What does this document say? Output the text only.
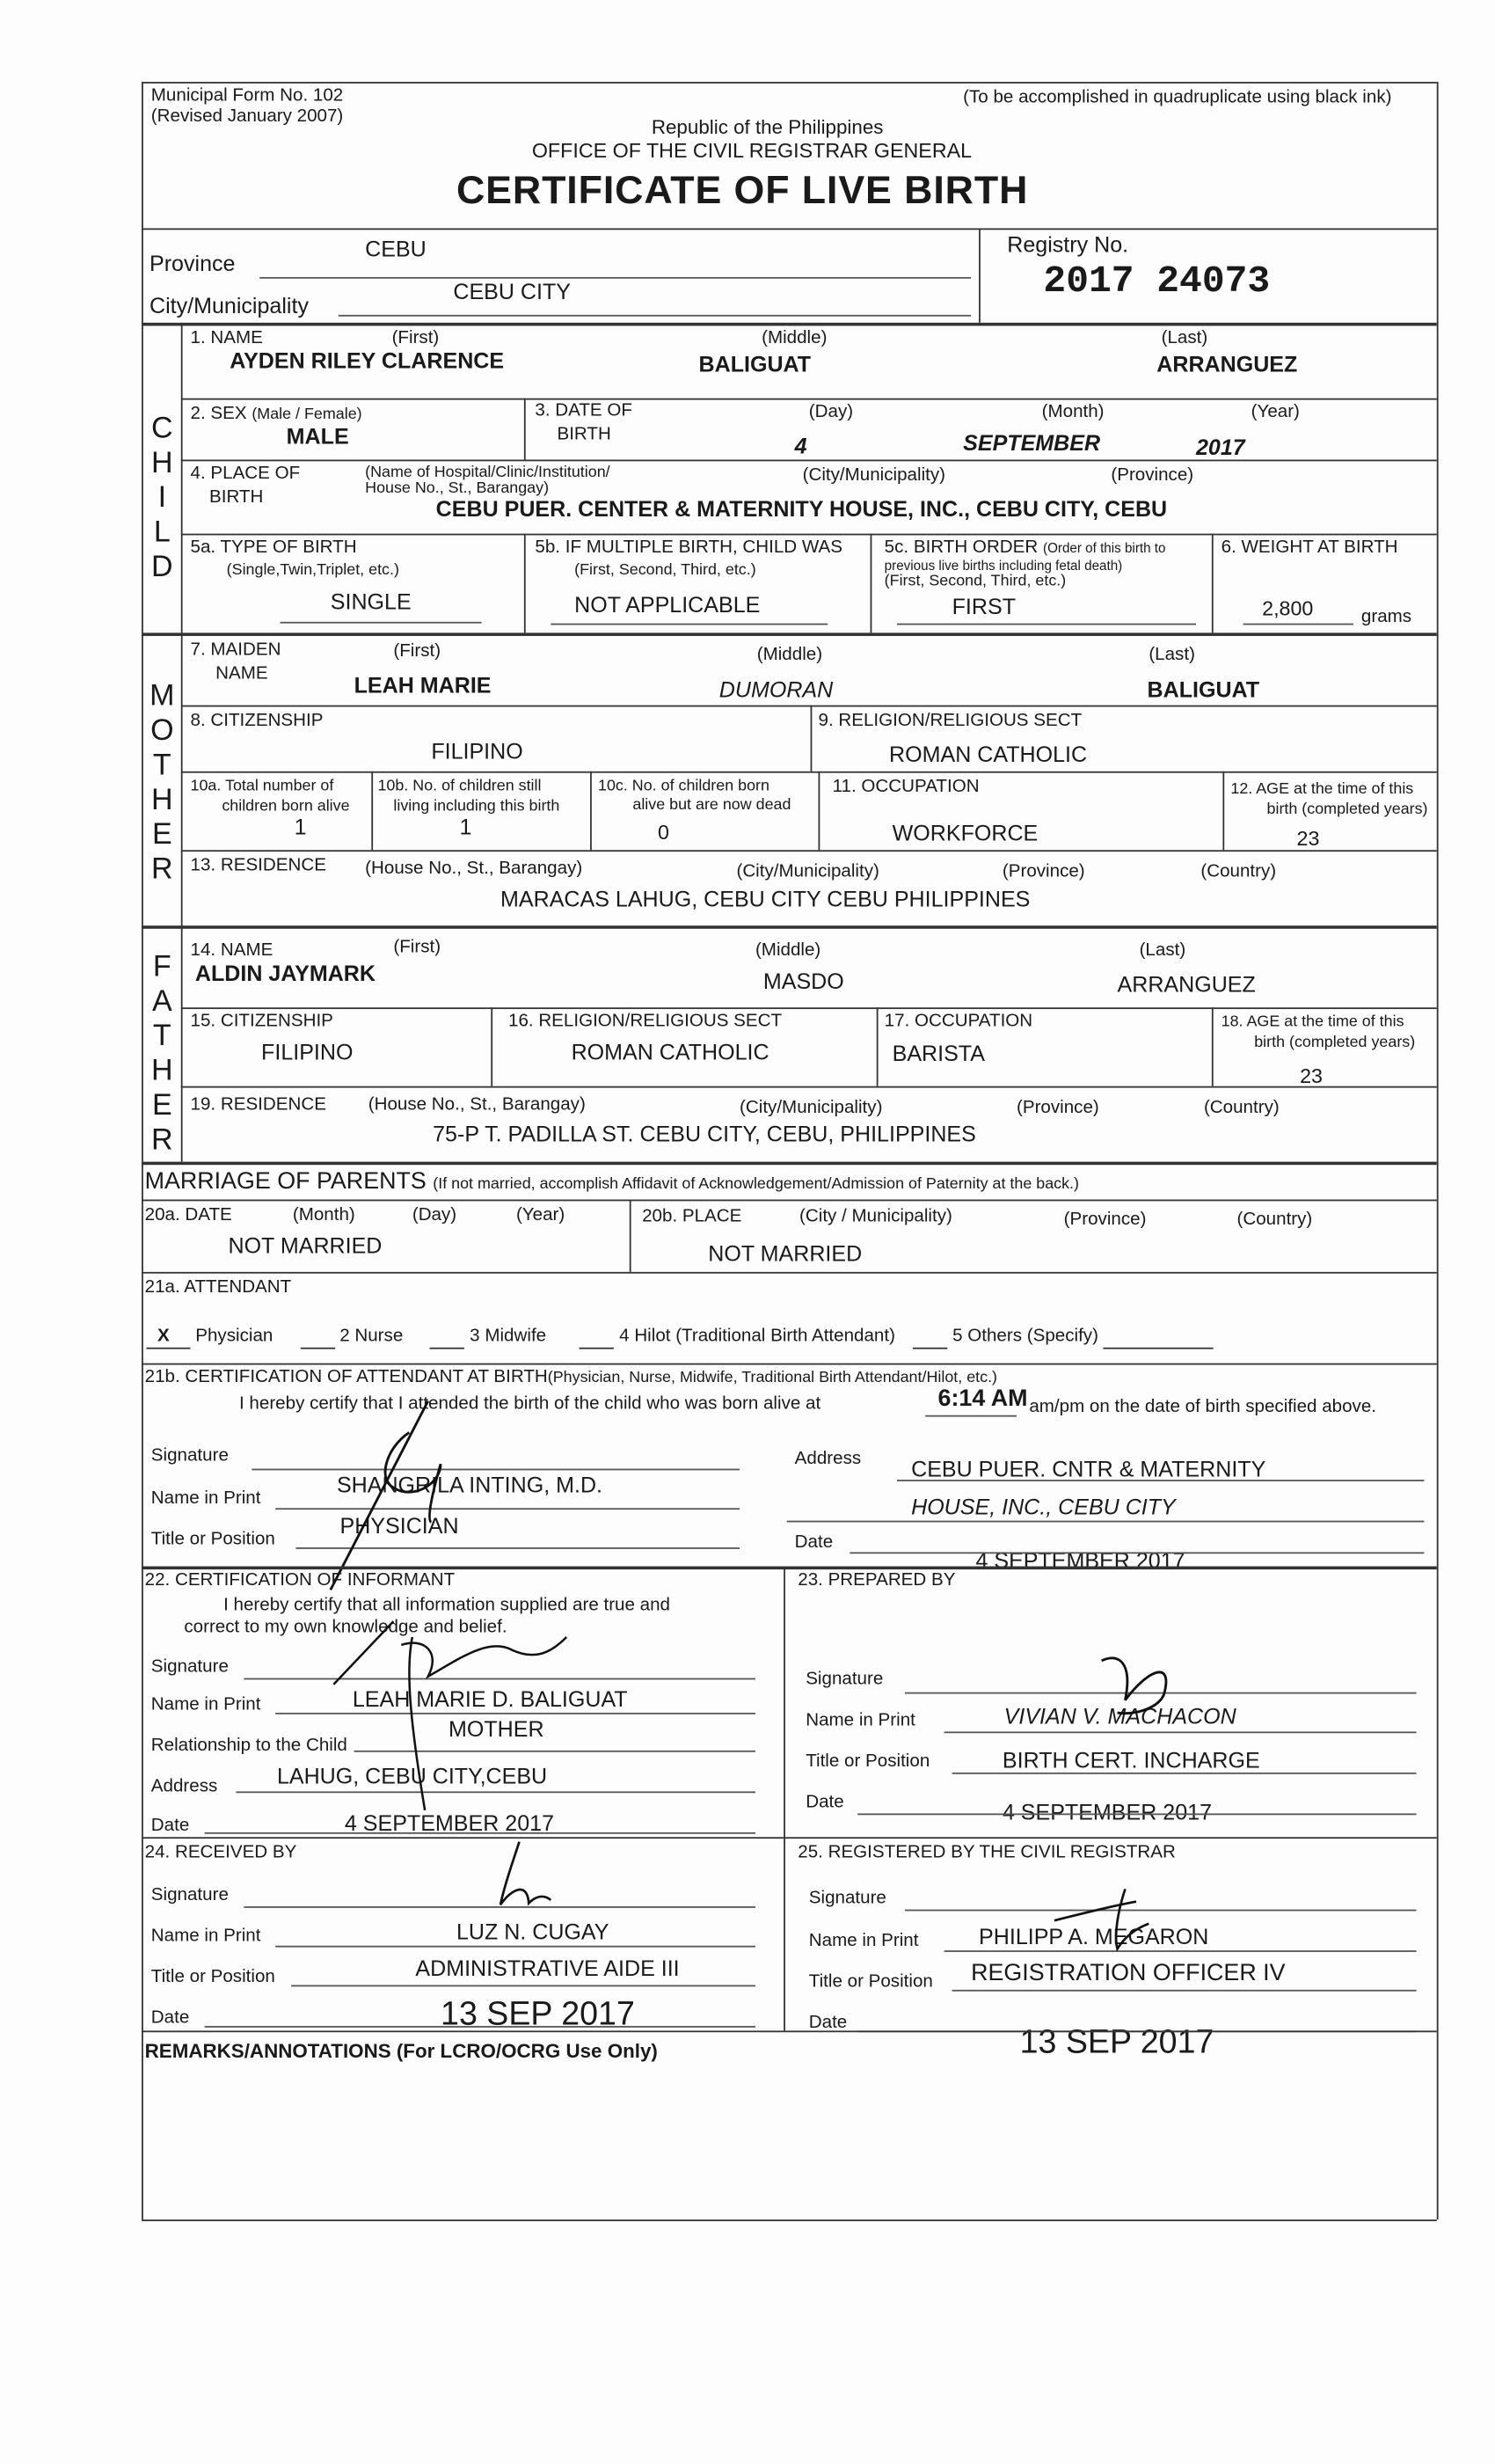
Municipal Form No. 102
(Revised January 2007)
(To be accomplished in quadruplicate using black ink)
Republic of the Philippines
OFFICE OF THE CIVIL REGISTRAR GENERAL
CERTIFICATE OF LIVE BIRTH
Province
CEBU
City/Municipality
CEBU CITY
Registry No.
2017 24073
C
H
I
L
D
1. NAME	(First)	(Middle)	(Last)
AYDEN RILEY CLARENCE	BALIGUAT	ARRANGUEZ
2. SEX (Male / Female)
MALE
3. DATE OF
BIRTH
(Day)	(Month)	(Year)
4	SEPTEMBER	2017
4. PLACE OF
BIRTH
(Name of Hospital/Clinic/Institution/
House No., St., Barangay)
(City/Municipality)	(Province)
CEBU PUER. CENTER & MATERNITY HOUSE, INC., CEBU CITY, CEBU
5a. TYPE OF BIRTH
(Single,Twin,Triplet, etc.)
SINGLE
5b. IF MULTIPLE BIRTH, CHILD WAS
(First, Second, Third, etc.)
NOT APPLICABLE
5c. BIRTH ORDER (Order of this birth to
previous live births including fetal death)
(First, Second, Third, etc.)
FIRST
6. WEIGHT AT BIRTH
2,800	grams
M
O
T
H
E
R
7. MAIDEN
NAME
(First)	(Middle)	(Last)
LEAH MARIE	DUMORAN	BALIGUAT
8. CITIZENSHIP
FILIPINO
9. RELIGION/RELIGIOUS SECT
ROMAN CATHOLIC
10a. Total number of
children born alive
1
10b. No. of children still
living including this birth
1
10c. No. of children born
alive but are now dead
0
11. OCCUPATION
WORKFORCE
12. AGE at the time of this
birth (completed years)
23
13. RESIDENCE	(House No., St., Barangay)	(City/Municipality)	(Province)	(Country)
MARACAS LAHUG, CEBU CITY CEBU PHILIPPINES
F
A
T
H
E
R
14. NAME	(First)	(Middle)	(Last)
ALDIN JAYMARK	MASDO	ARRANGUEZ
15. CITIZENSHIP
FILIPINO
16. RELIGION/RELIGIOUS SECT
ROMAN CATHOLIC
17. OCCUPATION
BARISTA
18. AGE at the time of this
birth (completed years)
23
19. RESIDENCE	(House No., St., Barangay)	(City/Municipality)	(Province)	(Country)
75-P T. PADILLA ST. CEBU CITY, CEBU, PHILIPPINES
MARRIAGE OF PARENTS (If not married, accomplish Affidavit of Acknowledgement/Admission of Paternity at the back.)
20a. DATE	(Month)	(Day)	(Year)
NOT MARRIED
20b. PLACE	(City / Municipality)	(Province)	(Country)
NOT MARRIED
21a. ATTENDANT
X	Physician	2 Nurse	3 Midwife	4 Hilot (Traditional Birth Attendant)	5 Others (Specify)
21b. CERTIFICATION OF ATTENDANT AT BIRTH(Physician, Nurse, Midwife, Traditional Birth Attendant/Hilot, etc.)
I hereby certify that I attended the birth of the child who was born alive at	6:14 AM am/pm on the date of birth specified above.
Signature
Name in Print
SHANGRILA INTING, M.D.
Title or Position
PHYSICIAN
Address	CEBU PUER. CNTR & MATERNITY
HOUSE, INC., CEBU CITY
Date
4 SEPTEMBER 2017
22. CERTIFICATION OF INFORMANT
I hereby certify that all information supplied are true and
correct to my own knowledge and belief.
Signature
Name in Print	LEAH MARIE D. BALIGUAT
Relationship to the Child
MOTHER
Address	LAHUG, CEBU CITY,CEBU
Date	4 SEPTEMBER 2017
23. PREPARED BY
Signature
Name in Print	VIVIAN V. MACHACON
Title or Position	BIRTH CERT. INCHARGE
Date	4 SEPTEMBER 2017
24. RECEIVED BY
Signature
Name in Print	LUZ N. CUGAY
Title or Position	ADMINISTRATIVE AIDE III
Date	13 SEP 2017
25. REGISTERED BY THE CIVIL REGISTRAR
Signature
Name in Print	PHILIPP A. MEGARON
Title or Position	REGISTRATION OFFICER IV
Date
13 SEP 2017
REMARKS/ANNOTATIONS (For LCRO/OCRG Use Only)
